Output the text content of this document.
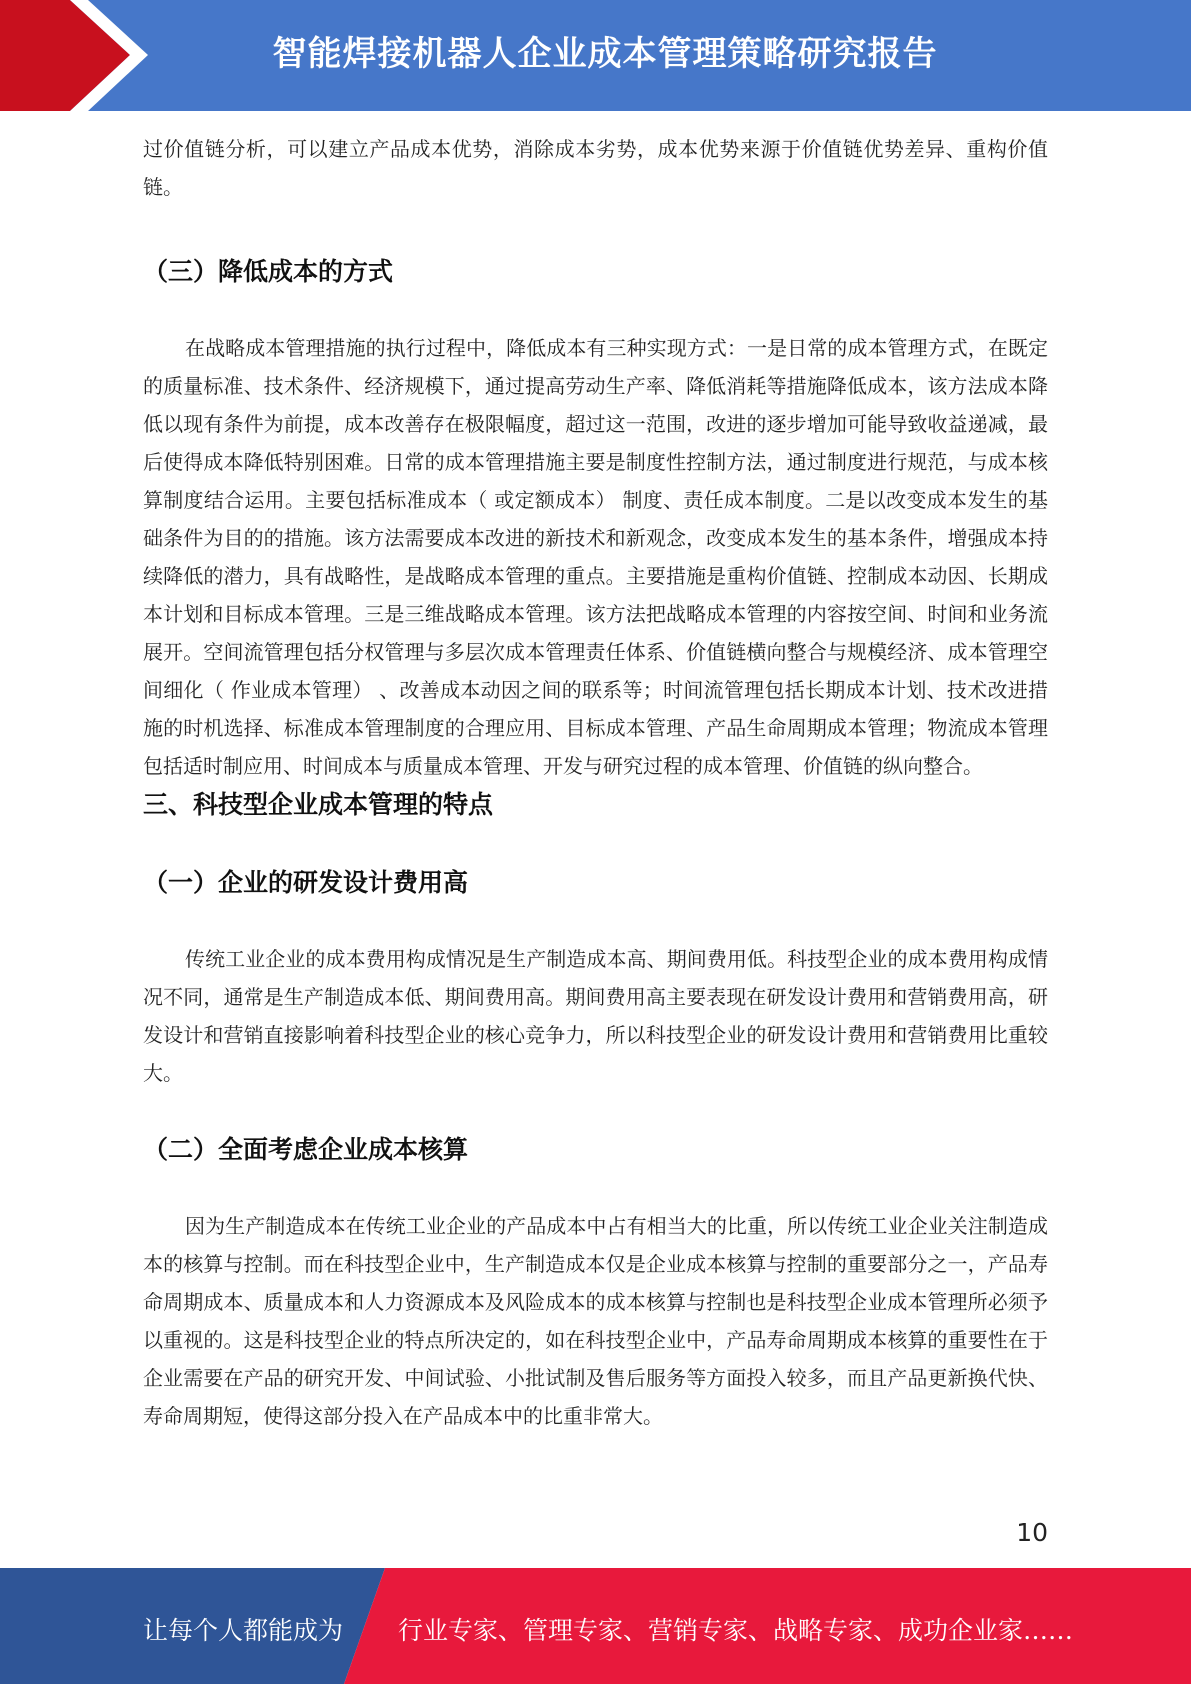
智能焊接机器人企业成本管理策略研究报告

过价值链分析，可以建立产品成本优势，消除成本劣势，成本优势来源于价值链优势差异、重构价值链。

（三）降低成本的方式

在战略成本管理措施的执行过程中，降低成本有三种实现方式：一是日常的成本管理方式，在既定的质量标准、技术条件、经济规模下，通过提高劳动生产率、降低消耗等措施降低成本，该方法成本降低以现有条件为前提，成本改善存在极限幅度，超过这一范围，改进的逐步增加可能导致收益递减，最后使得成本降低特别困难。日常的成本管理措施主要是制度性控制方法，通过制度进行规范，与成本核算制度结合运用。主要包括标准成本（ 或定额成本） 制度、责任成本制度。二是以改变成本发生的基础条件为目的的措施。该方法需要成本改进的新技术和新观念，改变成本发生的基本条件，增强成本持续降低的潜力，具有战略性，是战略成本管理的重点。主要措施是重构价值链、控制成本动因、长期成本计划和目标成本管理。三是三维战略成本管理。该方法把战略成本管理的内容按空间、时间和业务流展开。空间流管理包括分权管理与多层次成本管理责任体系、价值链横向整合与规模经济、成本管理空间细化（ 作业成本管理） 、改善成本动因之间的联系等；时间流管理包括长期成本计划、技术改进措施的时机选择、标准成本管理制度的合理应用、目标成本管理、产品生命周期成本管理；物流成本管理包括适时制应用、时间成本与质量成本管理、开发与研究过程的成本管理、价值链的纵向整合。

三、科技型企业成本管理的特点
（一）企业的研发设计费用高

传统工业企业的成本费用构成情况是生产制造成本高、期间费用低。科技型企业的成本费用构成情况不同，通常是生产制造成本低、期间费用高。期间费用高主要表现在研发设计费用和营销费用高，研发设计和营销直接影响着科技型企业的核心竞争力，所以科技型企业的研发设计费用和营销费用比重较大。

（二）全面考虑企业成本核算

因为生产制造成本在传统工业企业的产品成本中占有相当大的比重，所以传统工业企业关注制造成本的核算与控制。而在科技型企业中，生产制造成本仅是企业成本核算与控制的重要部分之一，产品寿命周期成本、质量成本和人力资源成本及风险成本的成本核算与控制也是科技型企业成本管理所必须予以重视的。这是科技型企业的特点所决定的，如在科技型企业中，产品寿命周期成本核算的重要性在于企业需要在产品的研究开发、中间试验、小批试制及售后服务等方面投入较多，而且产品更新换代快、寿命周期短，使得这部分投入在产品成本中的比重非常大。

10
让每个人都能成为 行业专家、管理专家、营销专家、战略专家、成功企业家……
